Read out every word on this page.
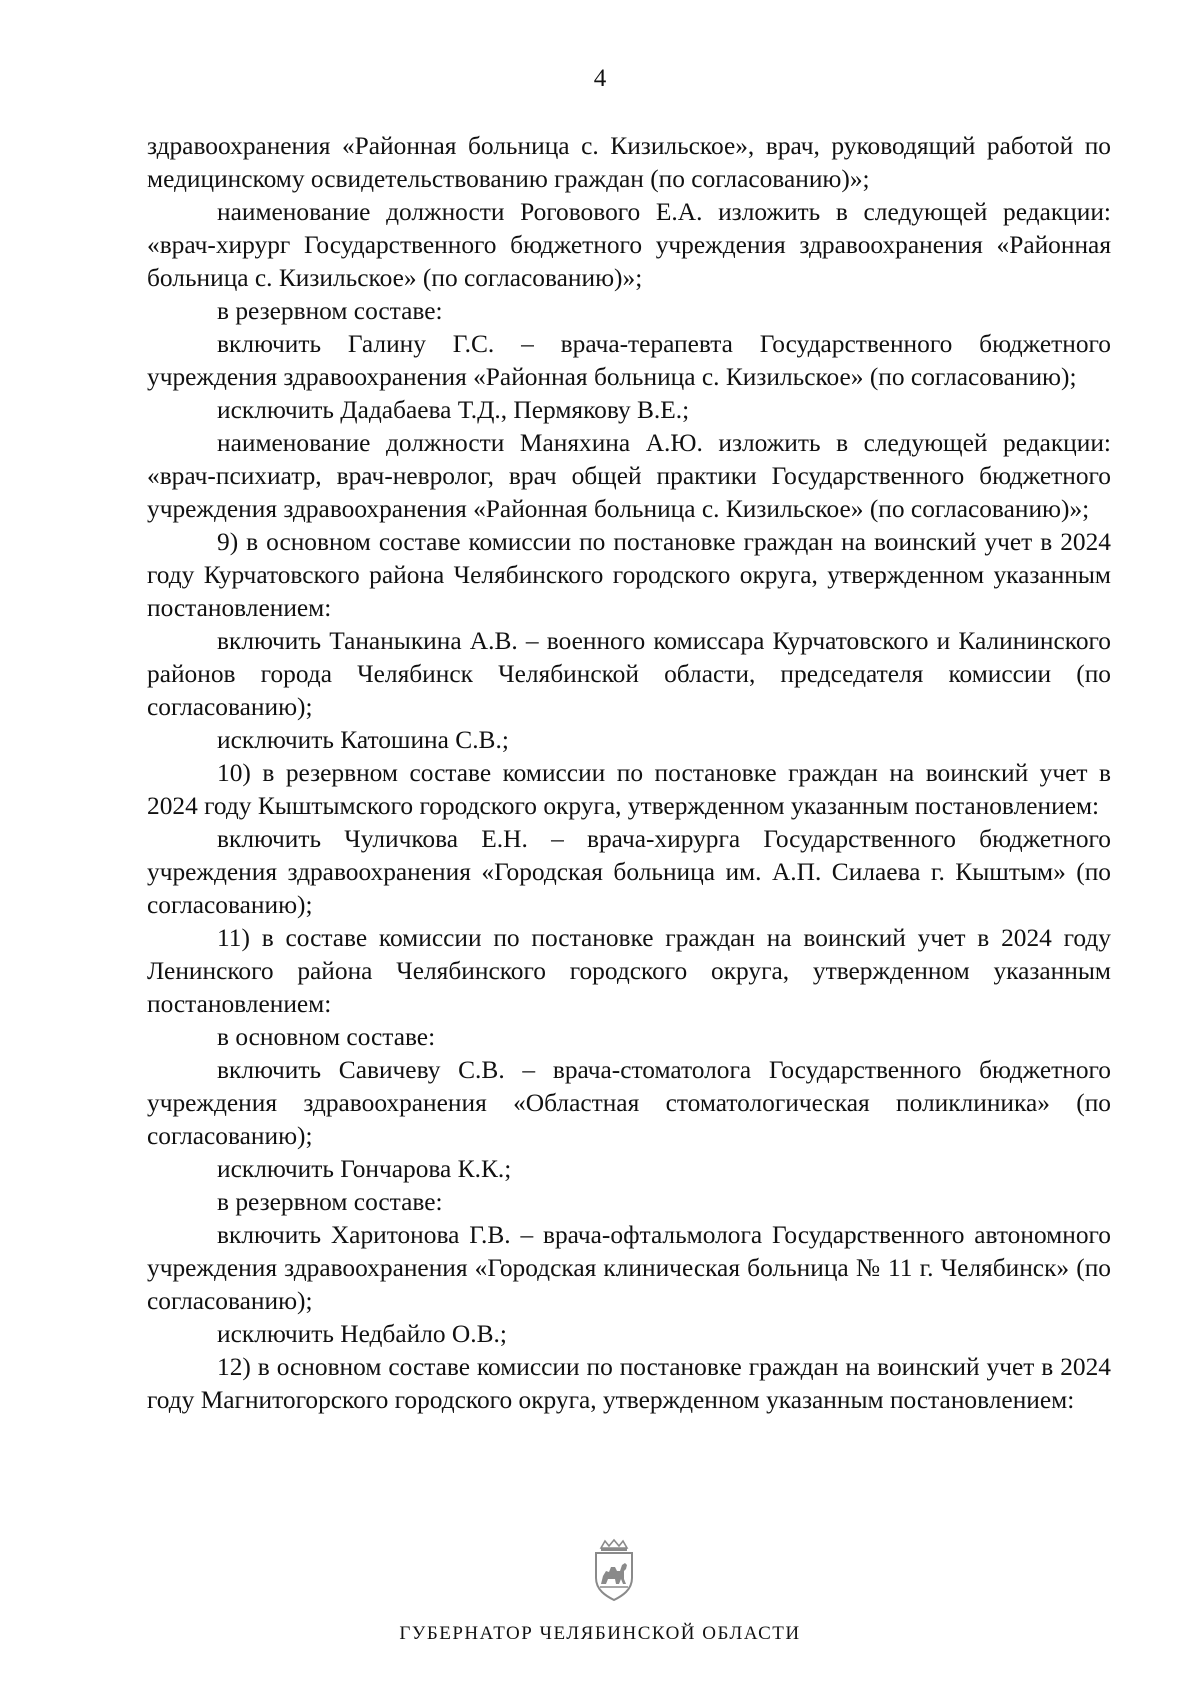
4

здравоохранения «Районная больница с. Кизильское», врач, руководящий работой по медицинскому освидетельствованию граждан (по согласованию)»;

наименование должности Роговового Е.А. изложить в следующей редакции: «врач-хирург Государственного бюджетного учреждения здравоохранения «Районная больница с. Кизильское» (по согласованию)»;

в резервном составе:

включить Галину Г.С. – врача-терапевта Государственного бюджетного учреждения здравоохранения «Районная больница с. Кизильское» (по согласованию);

исключить Дадабаева Т.Д., Пермякову В.Е.;

наименование должности Маняхина А.Ю. изложить в следующей редакции: «врач-психиатр, врач-невролог, врач общей практики Государственного бюджетного учреждения здравоохранения «Районная больница с. Кизильское» (по согласованию)»;

9) в основном составе комиссии по постановке граждан на воинский учет в 2024 году Курчатовского района Челябинского городского округа, утвержденном указанным постановлением:

включить Тананыкина А.В. – военного комиссара Курчатовского и Калининского районов города Челябинск Челябинской области, председателя комиссии (по согласованию);

исключить Катошина С.В.;

10) в резервном составе комиссии по постановке граждан на воинский учет в 2024 году Кыштымского городского округа, утвержденном указанным постановлением:

включить Чуличкова Е.Н. – врача-хирурга Государственного бюджетного учреждения здравоохранения «Городская больница им. А.П. Силаева г. Кыштым» (по согласованию);

11) в составе комиссии по постановке граждан на воинский учет в 2024 году Ленинского района Челябинского городского округа, утвержденном указанным постановлением:

в основном составе:

включить Савичеву С.В. – врача-стоматолога Государственного бюджетного учреждения здравоохранения «Областная стоматологическая поликлиника» (по согласованию);

исключить Гончарова К.К.;

в резервном составе:

включить Харитонова Г.В. – врача-офтальмолога Государственного автономного учреждения здравоохранения «Городская клиническая больница № 11 г. Челябинск» (по согласованию);

исключить Недбайло О.В.;

12) в основном составе комиссии по постановке граждан на воинский учет в 2024 году Магнитогорского городского округа, утвержденном указанным постановлением:

ГУБЕРНАТОР ЧЕЛЯБИНСКОЙ ОБЛАСТИ
